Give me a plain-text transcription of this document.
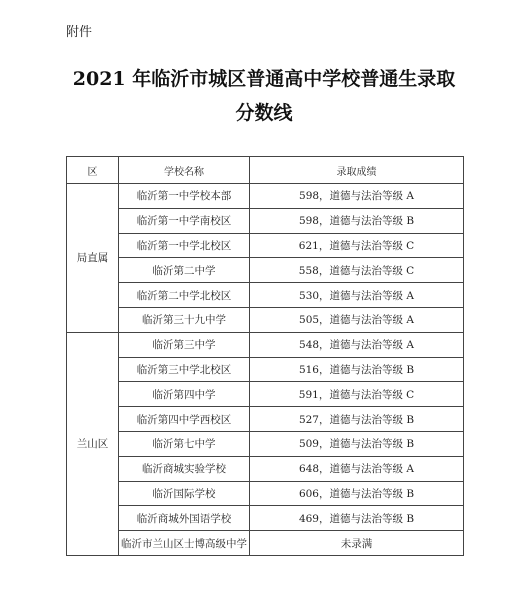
附件
2021 年临沂市城区普通高中学校普通生录取
分数线
区	学校名称	录取成绩
局直属	临沂第一中学校本部	598，道德与法治等级 A
	临沂第一中学南校区	598，道德与法治等级 B
	临沂第一中学北校区	621，道德与法治等级 C
	临沂第二中学	558，道德与法治等级 C
	临沂第二中学北校区	530，道德与法治等级 A
	临沂第三十九中学	505，道德与法治等级 A
兰山区	临沂第三中学	548，道德与法治等级 A
	临沂第三中学北校区	516，道德与法治等级 B
	临沂第四中学	591，道德与法治等级 C
	临沂第四中学西校区	527，道德与法治等级 B
	临沂第七中学	509，道德与法治等级 B
	临沂商城实验学校	648，道德与法治等级 A
	临沂国际学校	606，道德与法治等级 B
	临沂商城外国语学校	469，道德与法治等级 B
	临沂市兰山区士博高级中学	未录满
